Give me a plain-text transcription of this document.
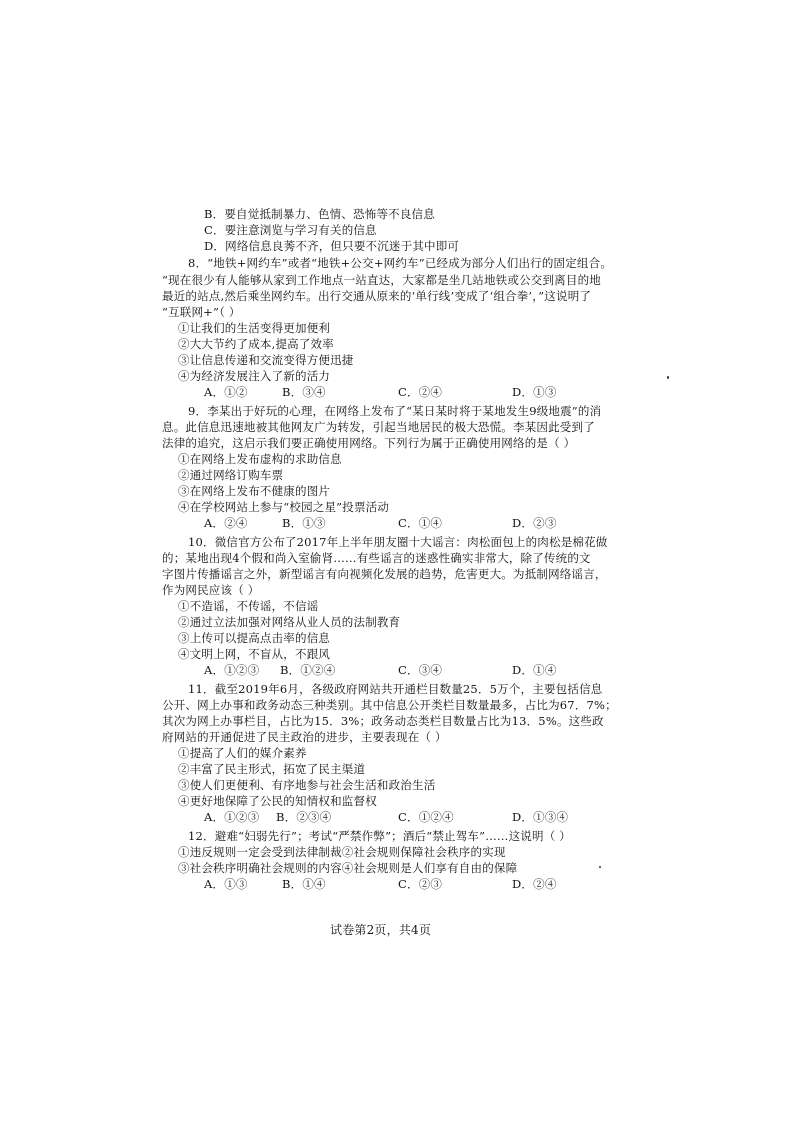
B．要自觉抵制暴力、色情、恐怖等不良信息
C．要注意浏览与学习有关的信息
D．网络信息良莠不齐，但只要不沉迷于其中即可
8．“地铁+网约车”或者“地铁+公交+网约车”已经成为部分人们出行的固定组合。
“现在很少有人能够从家到工作地点一站直达，大家都是坐几站地铁或公交到离目的地
最近的站点,然后乘坐网约车。出行交通从原来的‘单行线’变成了‘组合拳’，”这说明了
“互联网+”（ ）
①让我们的生活变得更加便利
②大大节约了成本,提高了效率
③让信息传递和交流变得方便迅捷
④为经济发展注入了新的活力
A．①②	B．③④	C．②④	D．①③
9．李某出于好玩的心理，在网络上发布了“某日某时将于某地发生9级地震”的消
息。此信息迅速地被其他网友广为转发，引起当地居民的极大恐慌。李某因此受到了
法律的追究，这启示我们要正确使用网络。下列行为属于正确使用网络的是（ ）
①在网络上发布虚构的求助信息
②通过网络订购车票
③在网络上发布不健康的图片
④在学校网站上参与“校园之星”投票活动
A．②④	B．①③	C．①④	D．②③
10．微信官方公布了2017年上半年朋友圈十大谣言：肉松面包上的肉松是棉花做
的；某地出现4个假和尚入室偷肾……有些谣言的迷惑性确实非常大，除了传统的文
字图片传播谣言之外，新型谣言有向视频化发展的趋势，危害更大。为抵制网络谣言，
作为网民应该（ ）
①不造谣，不传谣，不信谣
②通过立法加强对网络从业人员的法制教育
③上传可以提高点击率的信息
④文明上网，不盲从，不跟风
A．①②③ B．①②④	C．③④	D．①④
11．截至2019年6月，各级政府网站共开通栏目数量25．5万个，主要包括信息
公开、网上办事和政务动态三种类别。其中信息公开类栏目数量最多，占比为67．7%；
其次为网上办事栏目，占比为15．3%；政务动态类栏目数量占比为13．5%。这些政
府网站的开通促进了民主政治的进步，主要表现在（ ）
①提高了人们的媒介素养
②丰富了民主形式，拓宽了民主渠道
③使人们更便利、有序地参与社会生活和政治生活
④更好地保障了公民的知情权和监督权
A．①②③ B．②③④	C．①②④	D．①③④
12．避难“妇弱先行”；考试“严禁作弊”；酒后“禁止驾车”……这说明（ ）
①违反规则一定会受到法律制裁②社会规则保障社会秩序的实现
③社会秩序明确社会规则的内容④社会规则是人们享有自由的保障
A．①③	B．①④	C．②③	D．②④
试卷第2页，共4页
